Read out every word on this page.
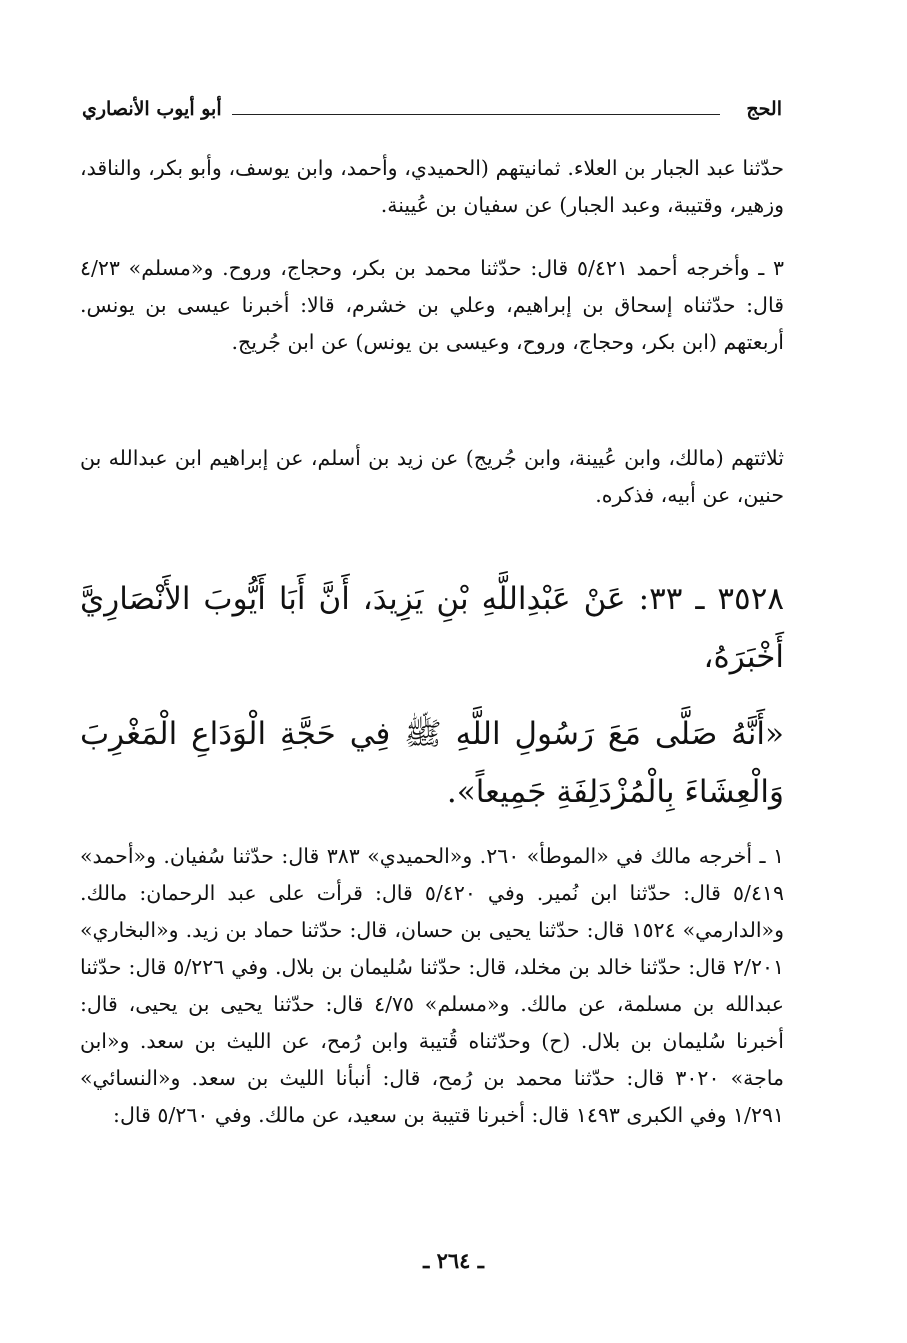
الحج
أبو أيوب الأنصاري

حدّثنا عبد الجبار بن العلاء. ثمانيتهم (الحميدي، وأحمد، وابن يوسف، وأبو بكر، والناقد، وزهير، وقتيبة، وعبد الجبار) عن سفيان بن عُيينة.

٣ ـ وأخرجه أحمد ٥/٤٢١ قال: حدّثنا محمد بن بكر، وحجاج، وروح. و«مسلم» ٤/٢٣ قال: حدّثناه إسحاق بن إبراهيم، وعلي بن خشرم، قالا: أخبرنا عيسى بن يونس. أربعتهم (ابن بكر، وحجاج، وروح، وعيسى بن يونس) عن ابن جُريج.

ثلاثتهم (مالك، وابن عُيينة، وابن جُريج) عن زيد بن أسلم، عن إبراهيم ابن عبدالله بن حنين، عن أبيه، فذكره.

٣٥٢٨ ـ ٣٣: عَنْ عَبْدِاللَّهِ بْنِ يَزِيدَ، أَنَّ أَبَا أَيُّوبَ الأَنْصَارِيَّ أَخْبَرَهُ،

«أَنَّهُ صَلَّى مَعَ رَسُولِ اللَّهِ ﷺ فِي حَجَّةِ الْوَدَاعِ الْمَغْرِبَ وَالْعِشَاءَ بِالْمُزْدَلِفَةِ جَمِيعاً».

١ ـ أخرجه مالك في «الموطأ» ٢٦٠. و«الحميدي» ٣٨٣ قال: حدّثنا سُفيان. و«أحمد» ٥/٤١٩ قال: حدّثنا ابن نُمير. وفي ٥/٤٢٠ قال: قرأت على عبد الرحمان: مالك. و«الدارمي» ١٥٢٤ قال: حدّثنا يحيى بن حسان، قال: حدّثنا حماد بن زيد. و«البخاري» ٢/٢٠١ قال: حدّثنا خالد بن مخلد، قال: حدّثنا سُليمان بن بلال. وفي ٥/٢٢٦ قال: حدّثنا عبدالله بن مسلمة، عن مالك. و«مسلم» ٤/٧٥ قال: حدّثنا يحيى بن يحيى، قال: أخبرنا سُليمان بن بلال. (ح) وحدّثناه قُتيبة وابن رُمح، عن الليث بن سعد. و«ابن ماجة» ٣٠٢٠ قال: حدّثنا محمد بن رُمح، قال: أنبأنا الليث بن سعد. و«النسائي» ١/٢٩١ وفي الكبرى ١٤٩٣ قال: أخبرنا قتيبة بن سعيد، عن مالك. وفي ٥/٢٦٠ قال:

ـ ٢٦٤ ـ
